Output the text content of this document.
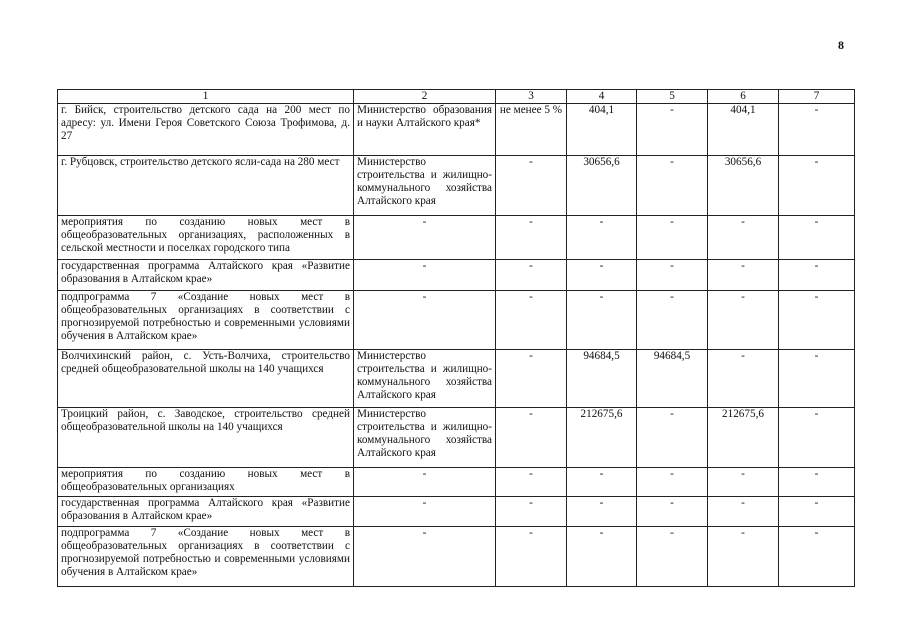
8
1	2	3	4	5	6	7
г. Бийск, строительство детского сада на 200 мест по адресу: ул. Имени Героя Советского Союза Трофимова, д. 27	Министерство образования и науки Алтайского края*	не менее 5 %	404,1	-	404,1	-
г. Рубцовск, строительство детского ясли-сада на 280 мест	Министерство строительства и жилищно-коммунального хозяйства Алтайского края	-	30656,6	-	30656,6	-
мероприятия по созданию новых мест в общеобразовательных организациях, расположенных в сельской местности и поселках городского типа	-	-	-	-	-	-
государственная программа Алтайского края «Развитие образования в Алтайском крае»	-	-	-	-	-	-
подпрограмма 7 «Создание новых мест в общеобразовательных организациях в соответствии с прогнозируемой потребностью и современными условиями обучения в Алтайском крае»	-	-	-	-	-	-
Волчихинский район, с. Усть-Волчиха, строительство средней общеобразовательной школы на 140 учащихся	Министерство строительства и жилищно-коммунального хозяйства Алтайского края	-	94684,5	94684,5	-	-
Троицкий район, с. Заводское, строительство средней общеобразовательной школы на 140 учащихся	Министерство строительства и жилищно-коммунального хозяйства Алтайского края	-	212675,6	-	212675,6	-
мероприятия по созданию новых мест в общеобразовательных организациях	-	-	-	-	-	-
государственная программа Алтайского края «Развитие образования в Алтайском крае»	-	-	-	-	-	-
подпрограмма 7 «Создание новых мест в общеобразовательных организациях в соответствии с прогнозируемой потребностью и современными условиями обучения в Алтайском крае»	-	-	-	-	-	-
